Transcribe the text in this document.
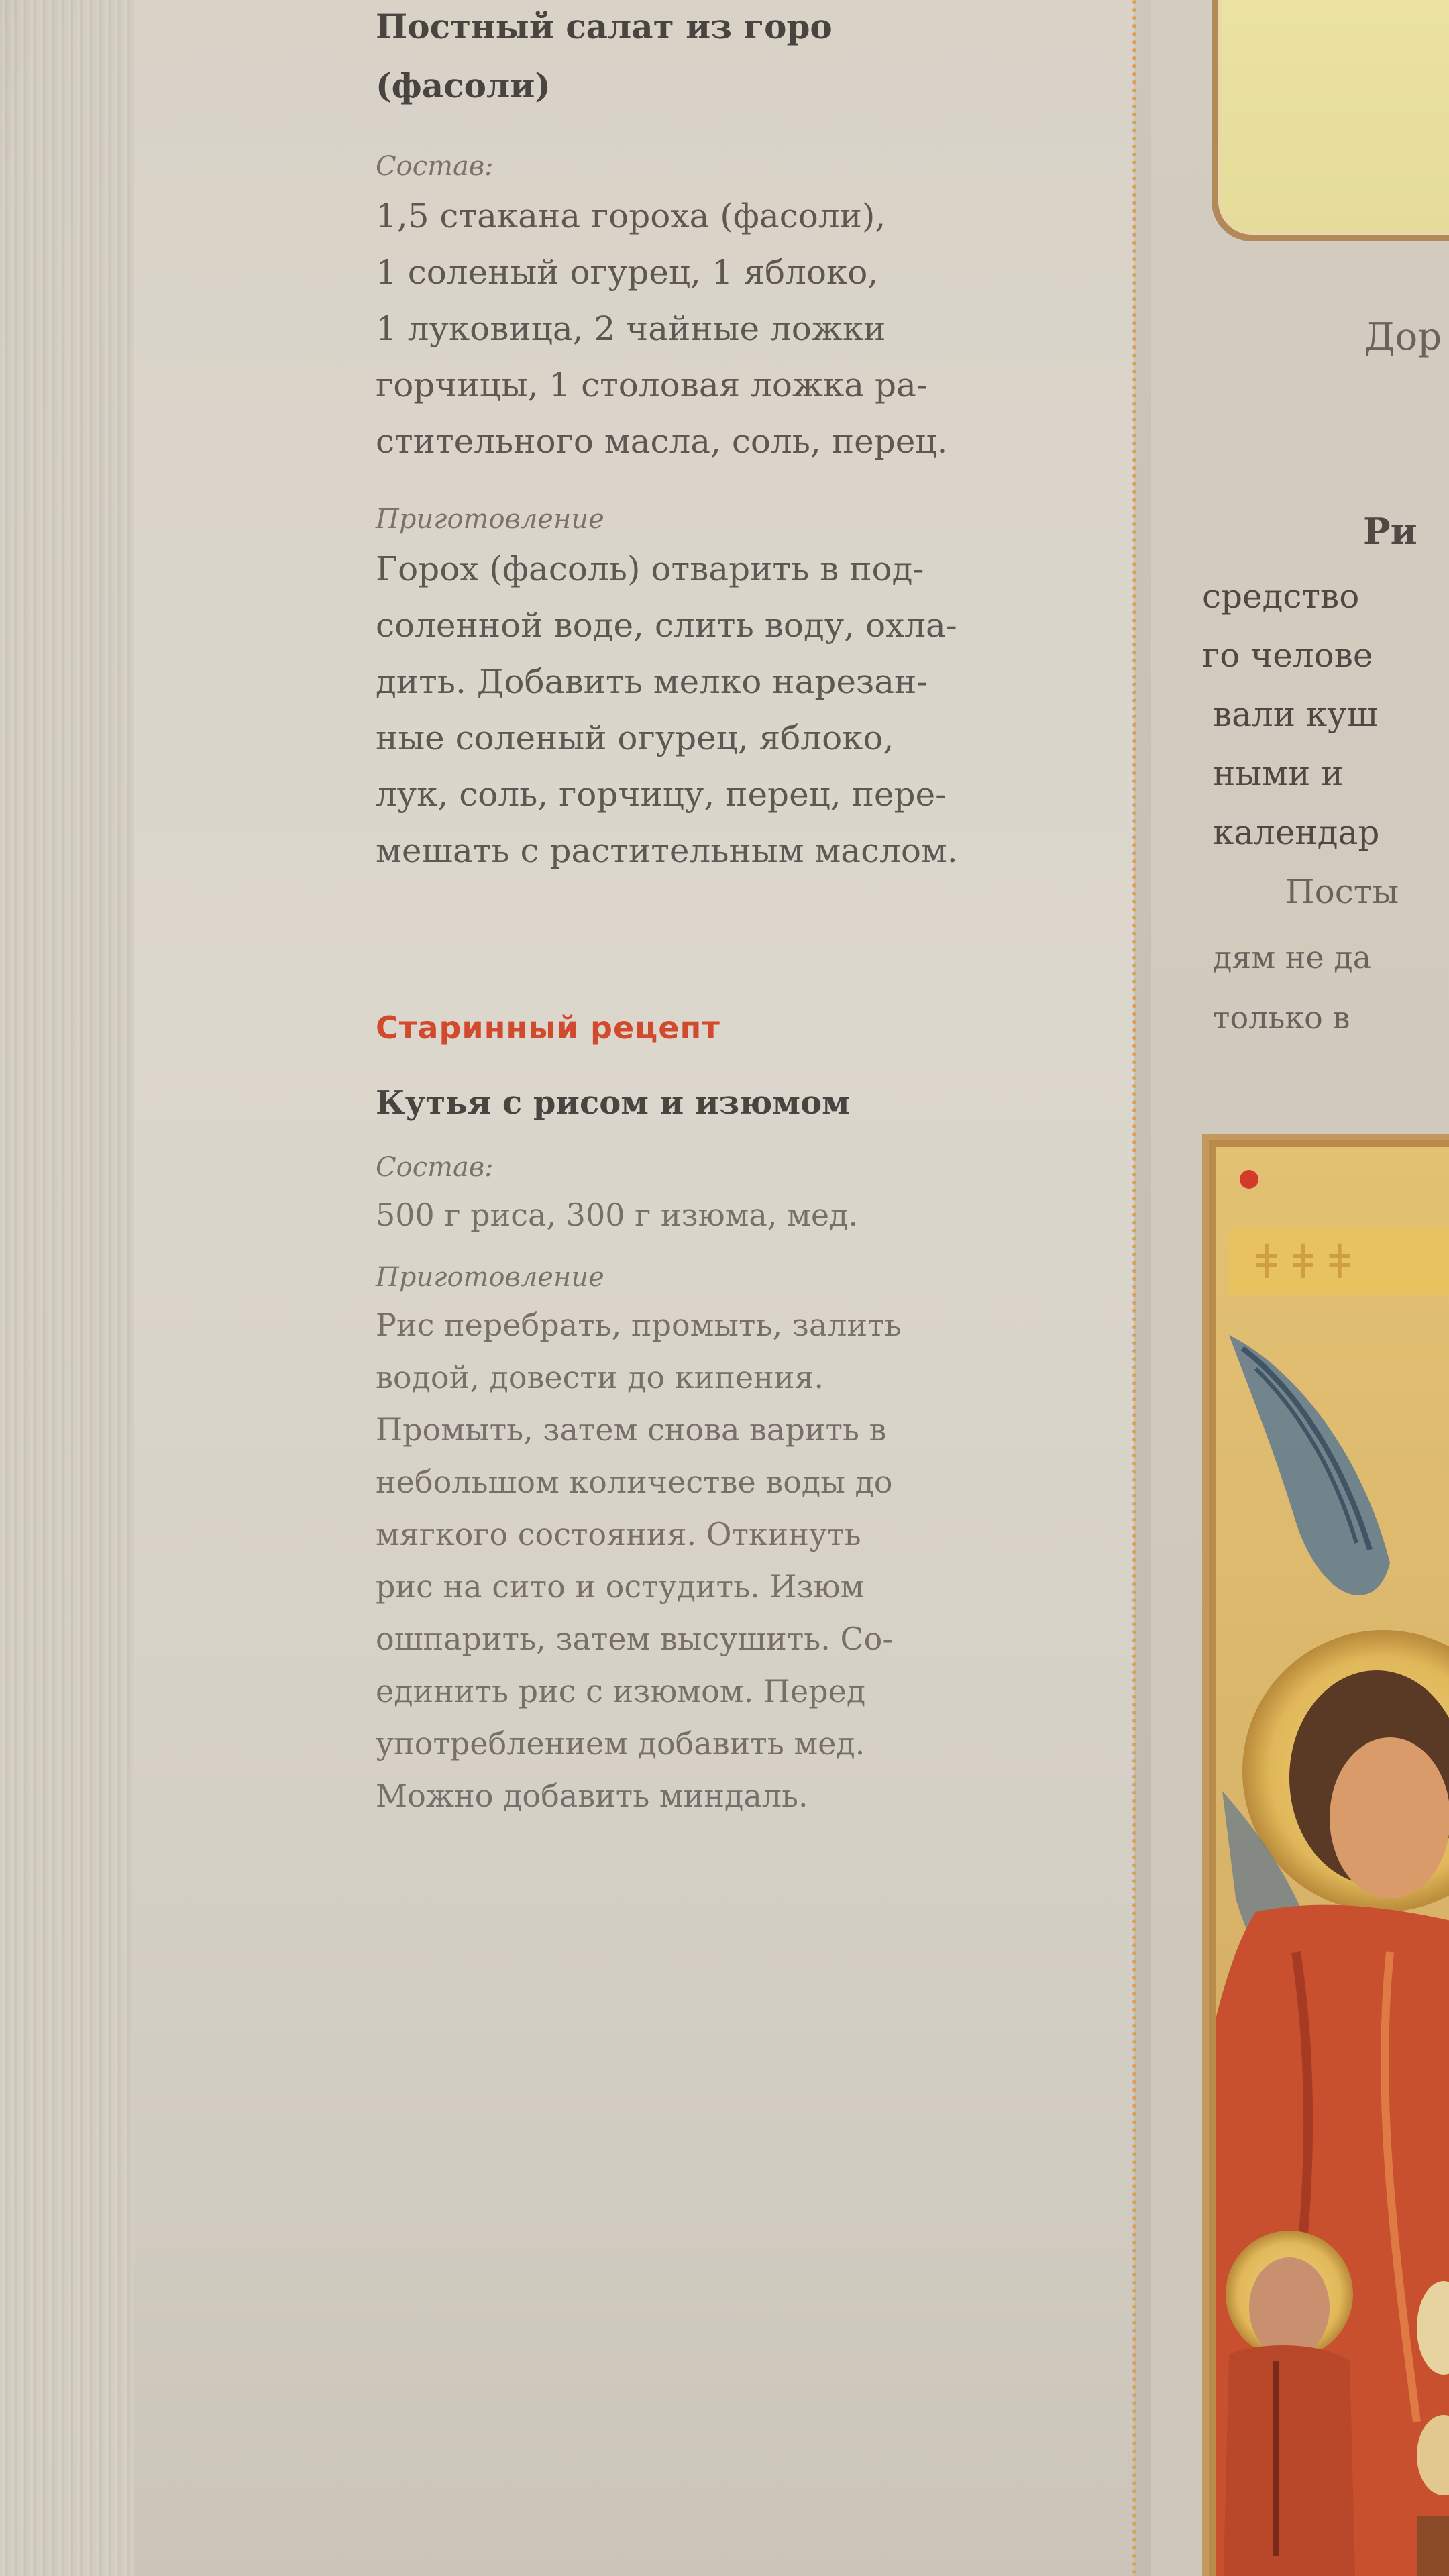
Постный салат из горо
(фасоли)
Состав:
1,5 стакана гороха (фасоли),
1 соленый огурец, 1 яблоко,
1 луковица, 2 чайные ложки
горчицы, 1 столовая ложка ра-
стительного масла, соль, перец.
Приготовление
Горох (фасоль) отварить в под-
соленной воде, слить воду, охла-
дить. Добавить мелко нарезан-
ные соленый огурец, яблоко,
лук, соль, горчицу, перец, пере-
мешать с растительным маслом.
Старинный рецепт
Кутья с рисом и изюмом
Состав:
500 г риса, 300 г изюма, мед.
Приготовление
Рис перебрать, промыть, залить
водой, довести до кипения.
Промыть, затем снова варить в
небольшом количестве воды до
мягкого состояния. Откинуть
рис на сито и остудить. Изюм
ошпарить, затем высушить. Со-
единить рис с изюмом. Перед
употреблением добавить мед.
Можно добавить миндаль.
Дор
Ри
средство
го челове
вали куш
ными и
календар
Посты
дям не да
только в
ǂ ǂ ǂ
